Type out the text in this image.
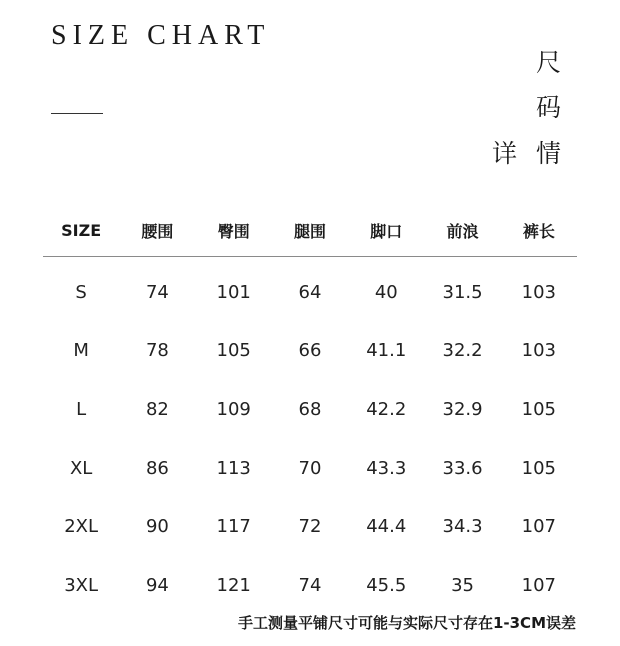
SIZE CHART
尺
码
详 情
SIZE	腰围	臀围	腿围	脚口	前浪	裤长
S	74	101	64	40	31.5	103
M	78	105	66	41.1	32.2	103
L	82	109	68	42.2	32.9	105
XL	86	113	70	43.3	33.6	105
2XL	90	117	72	44.4	34.3	107
3XL	94	121	74	45.5	35	107
手工测量平铺尺寸可能与实际尺寸存在1-3CM误差
